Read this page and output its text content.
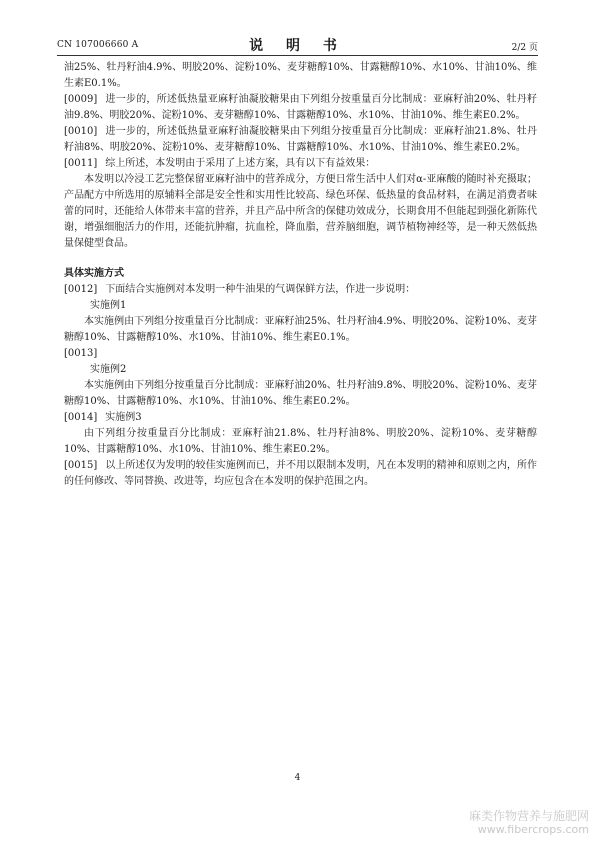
CN 107006660 A	说 明 书	2/2 页

油25%、牡丹籽油4.9%、明胶20%、淀粉10%、麦芽糖醇10%、甘露糖醇10%、水10%、甘油10%、维生素E0.1%。

[0009] 进一步的，所述低热量亚麻籽油凝胶糖果由下列组分按重量百分比制成：亚麻籽油20%、牡丹籽油9.8%、明胶20%、淀粉10%、麦芽糖醇10%、甘露糖醇10%、水10%、甘油10%、维生素E0.2%。

[0010] 进一步的，所述低热量亚麻籽油凝胶糖果由下列组分按重量百分比制成：亚麻籽油21.8%、牡丹籽油8%、明胶20%、淀粉10%、麦芽糖醇10%、甘露糖醇10%、水10%、甘油10%、维生素E0.2%。

[0011] 综上所述，本发明由于采用了上述方案，具有以下有益效果：

本发明以冷浸工艺完整保留亚麻籽油中的营养成分，方便日常生活中人们对α-亚麻酸的随时补充摄取；产品配方中所选用的原辅料全部是安全性和实用性比较高、绿色环保、低热量的食品材料，在满足消费者味蕾的同时，还能给人体带来丰富的营养，并且产品中所含的保健功效成分，长期食用不但能起到强化新陈代谢，增强细胞活力的作用，还能抗肿瘤，抗血栓，降血脂，营养脑细胞，调节植物神经等，是一种天然低热量保健型食品。

具体实施方式

[0012] 下面结合实施例对本发明一种牛油果的气调保鲜方法，作进一步说明：

实施例1

本实施例由下列组分按重量百分比制成：亚麻籽油25%、牡丹籽油4.9%、明胶20%、淀粉10%、麦芽糖醇10%、甘露糖醇10%、水10%、甘油10%、维生素E0.1%。

[0013]

实施例2

本实施例由下列组分按重量百分比制成：亚麻籽油20%、牡丹籽油9.8%、明胶20%、淀粉10%、麦芽糖醇10%、甘露糖醇10%、水10%、甘油10%、维生素E0.2%。

[0014] 实施例3

由下列组分按重量百分比制成：亚麻籽油21.8%、牡丹籽油8%、明胶20%、淀粉10%、麦芽糖醇10%、甘露糖醇10%、水10%、甘油10%、维生素E0.2%。

[0015] 以上所述仅为发明的较佳实施例而已，并不用以限制本发明，凡在本发明的精神和原则之内，所作的任何修改、等同替换、改进等，均应包含在本发明的保护范围之内。

4
麻类作物营养与施肥网
www.fibercrops.com
